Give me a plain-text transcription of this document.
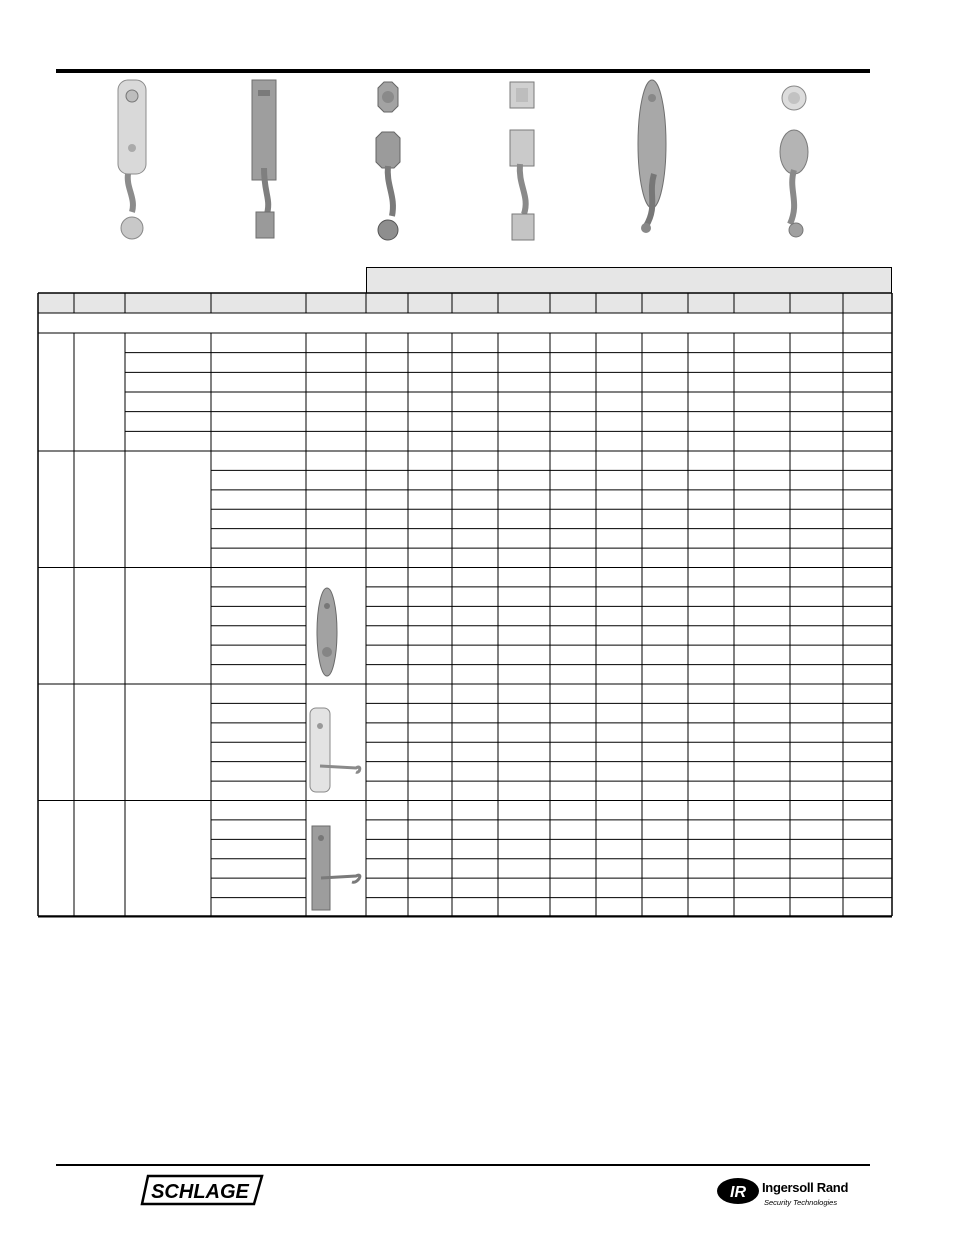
SCHLAGE	IR Ingersoll Rand
Security Technologies
